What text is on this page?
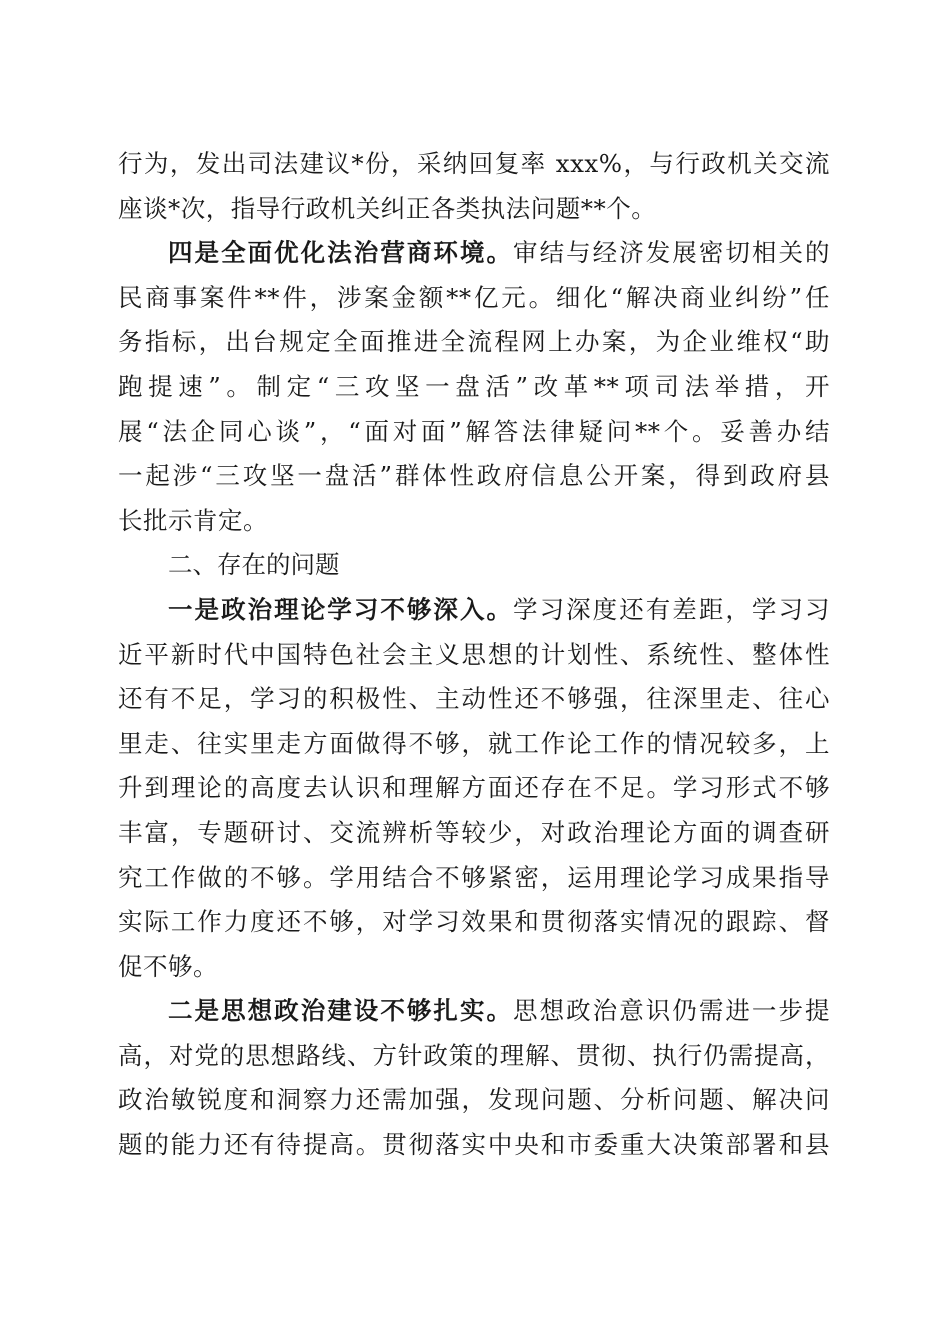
行为，发出司法建议*份，采纳回复率 xxx%，与行政机关交流
座谈*次，指导行政机关纠正各类执法问题**个。
四是全面优化法治营商环境。审结与经济发展密切相关的
民商事案件**件，涉案金额**亿元。细化“解决商业纠纷”任
务指标，出台规定全面推进全流程网上办案，为企业维权“助
跑提速”。制定“三攻坚一盘活”改革**项司法举措，开
展“法企同心谈”，“面对面”解答法律疑问**个。妥善办结
一起涉“三攻坚一盘活”群体性政府信息公开案，得到政府县
长批示肯定。
二、存在的问题
一是政治理论学习不够深入。学习深度还有差距，学习习
近平新时代中国特色社会主义思想的计划性、系统性、整体性
还有不足，学习的积极性、主动性还不够强，往深里走、往心
里走、往实里走方面做得不够，就工作论工作的情况较多，上
升到理论的高度去认识和理解方面还存在不足。学习形式不够
丰富，专题研讨、交流辨析等较少，对政治理论方面的调查研
究工作做的不够。学用结合不够紧密，运用理论学习成果指导
实际工作力度还不够，对学习效果和贯彻落实情况的跟踪、督
促不够。
二是思想政治建设不够扎实。思想政治意识仍需进一步提
高，对党的思想路线、方针政策的理解、贯彻、执行仍需提高，
政治敏锐度和洞察力还需加强，发现问题、分析问题、解决问
题的能力还有待提高。贯彻落实中央和市委重大决策部署和县
